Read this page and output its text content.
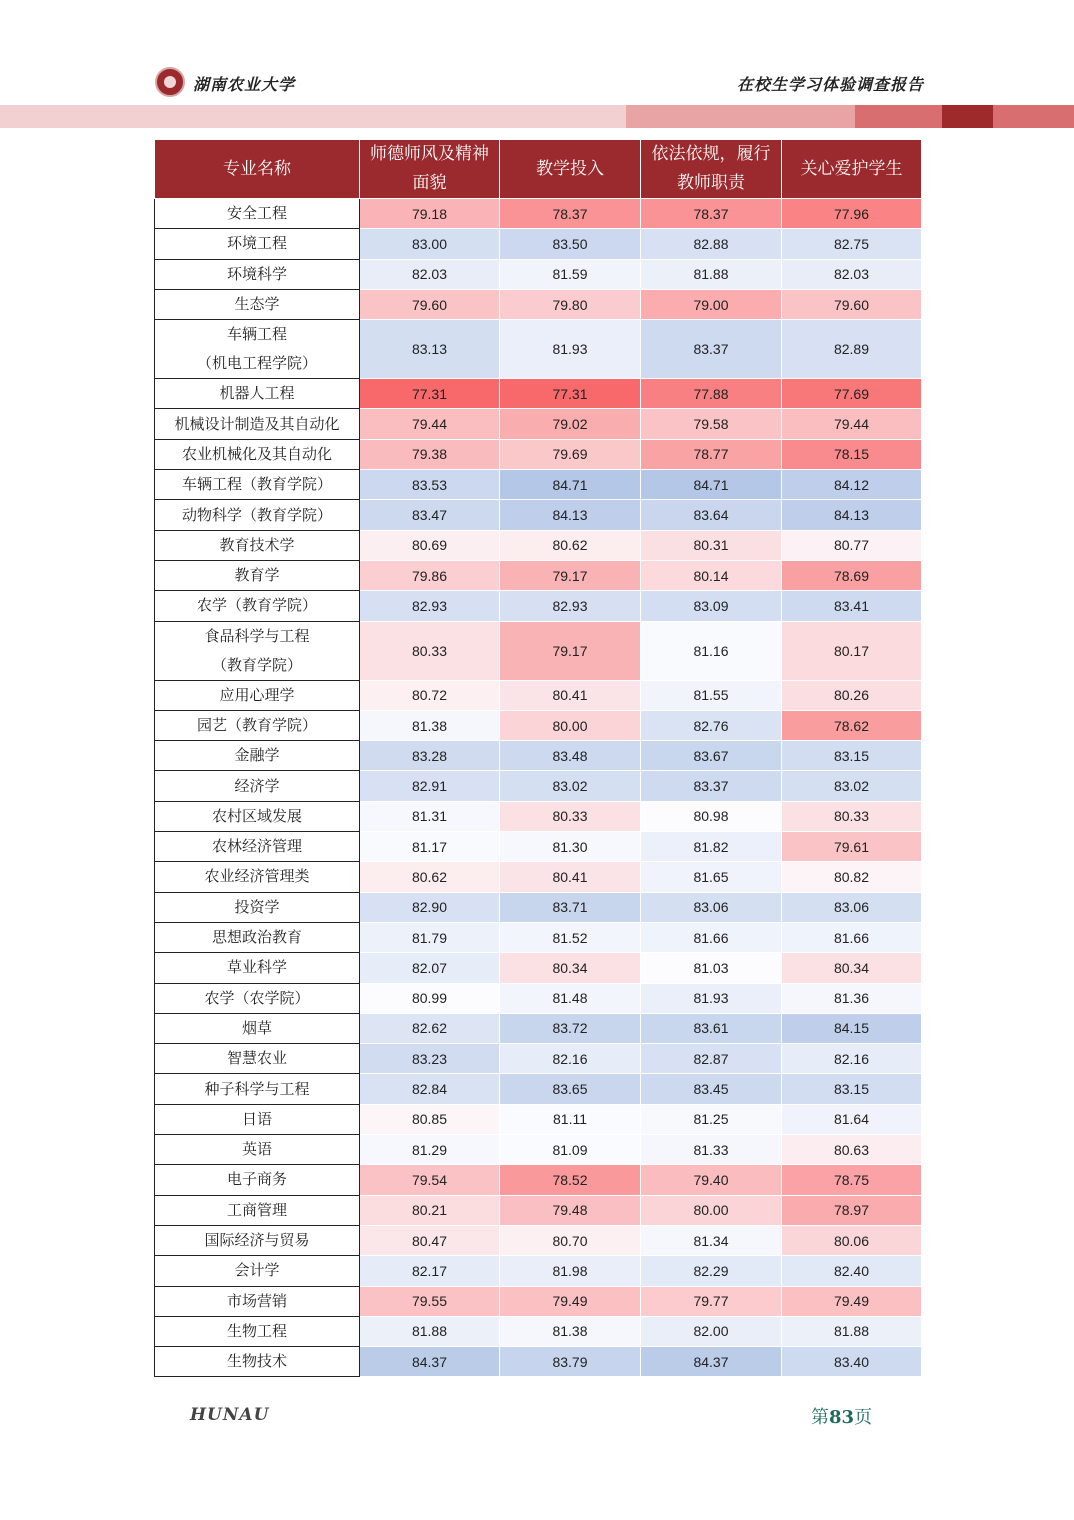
湖南农业大学	在校生学习体验调查报告
专业名称	师德师风及精神面貌	教学投入	依法依规，履行教师职责	关心爱护学生

安全工程	79.18	78.37	78.37	77.96

环境工程	83.00	83.50	82.88	82.75

环境科学	82.03	81.59	81.88	82.03

生态学	79.60	79.80	79.00	79.60

车辆工程
（机电工程学院）	83.13	81.93	83.37	82.89

机器人工程	77.31	77.31	77.88	77.69

机械设计制造及其自动化	79.44	79.02	79.58	79.44

农业机械化及其自动化	79.38	79.69	78.77	78.15

车辆工程（教育学院）	83.53	84.71	84.71	84.12

动物科学（教育学院）	83.47	84.13	83.64	84.13

教育技术学	80.69	80.62	80.31	80.77

教育学	79.86	79.17	80.14	78.69

农学（教育学院）	82.93	82.93	83.09	83.41

食品科学与工程
（教育学院）	80.33	79.17	81.16	80.17

应用心理学	80.72	80.41	81.55	80.26

园艺（教育学院）	81.38	80.00	82.76	78.62

金融学	83.28	83.48	83.67	83.15

经济学	82.91	83.02	83.37	83.02

农村区域发展	81.31	80.33	80.98	80.33

农林经济管理	81.17	81.30	81.82	79.61

农业经济管理类	80.62	80.41	81.65	80.82

投资学	82.90	83.71	83.06	83.06

思想政治教育	81.79	81.52	81.66	81.66

草业科学	82.07	80.34	81.03	80.34

农学（农学院）	80.99	81.48	81.93	81.36

烟草	82.62	83.72	83.61	84.15

智慧农业	83.23	82.16	82.87	82.16

种子科学与工程	82.84	83.65	83.45	83.15

日语	80.85	81.11	81.25	81.64

英语	81.29	81.09	81.33	80.63

电子商务	79.54	78.52	79.40	78.75

工商管理	80.21	79.48	80.00	78.97

国际经济与贸易	80.47	80.70	81.34	80.06

会计学	82.17	81.98	82.29	82.40

市场营销	79.55	79.49	79.77	79.49

生物工程	81.88	81.38	82.00	81.88

生物技术	84.37	83.79	84.37	83.40
HUNAU	第83页
